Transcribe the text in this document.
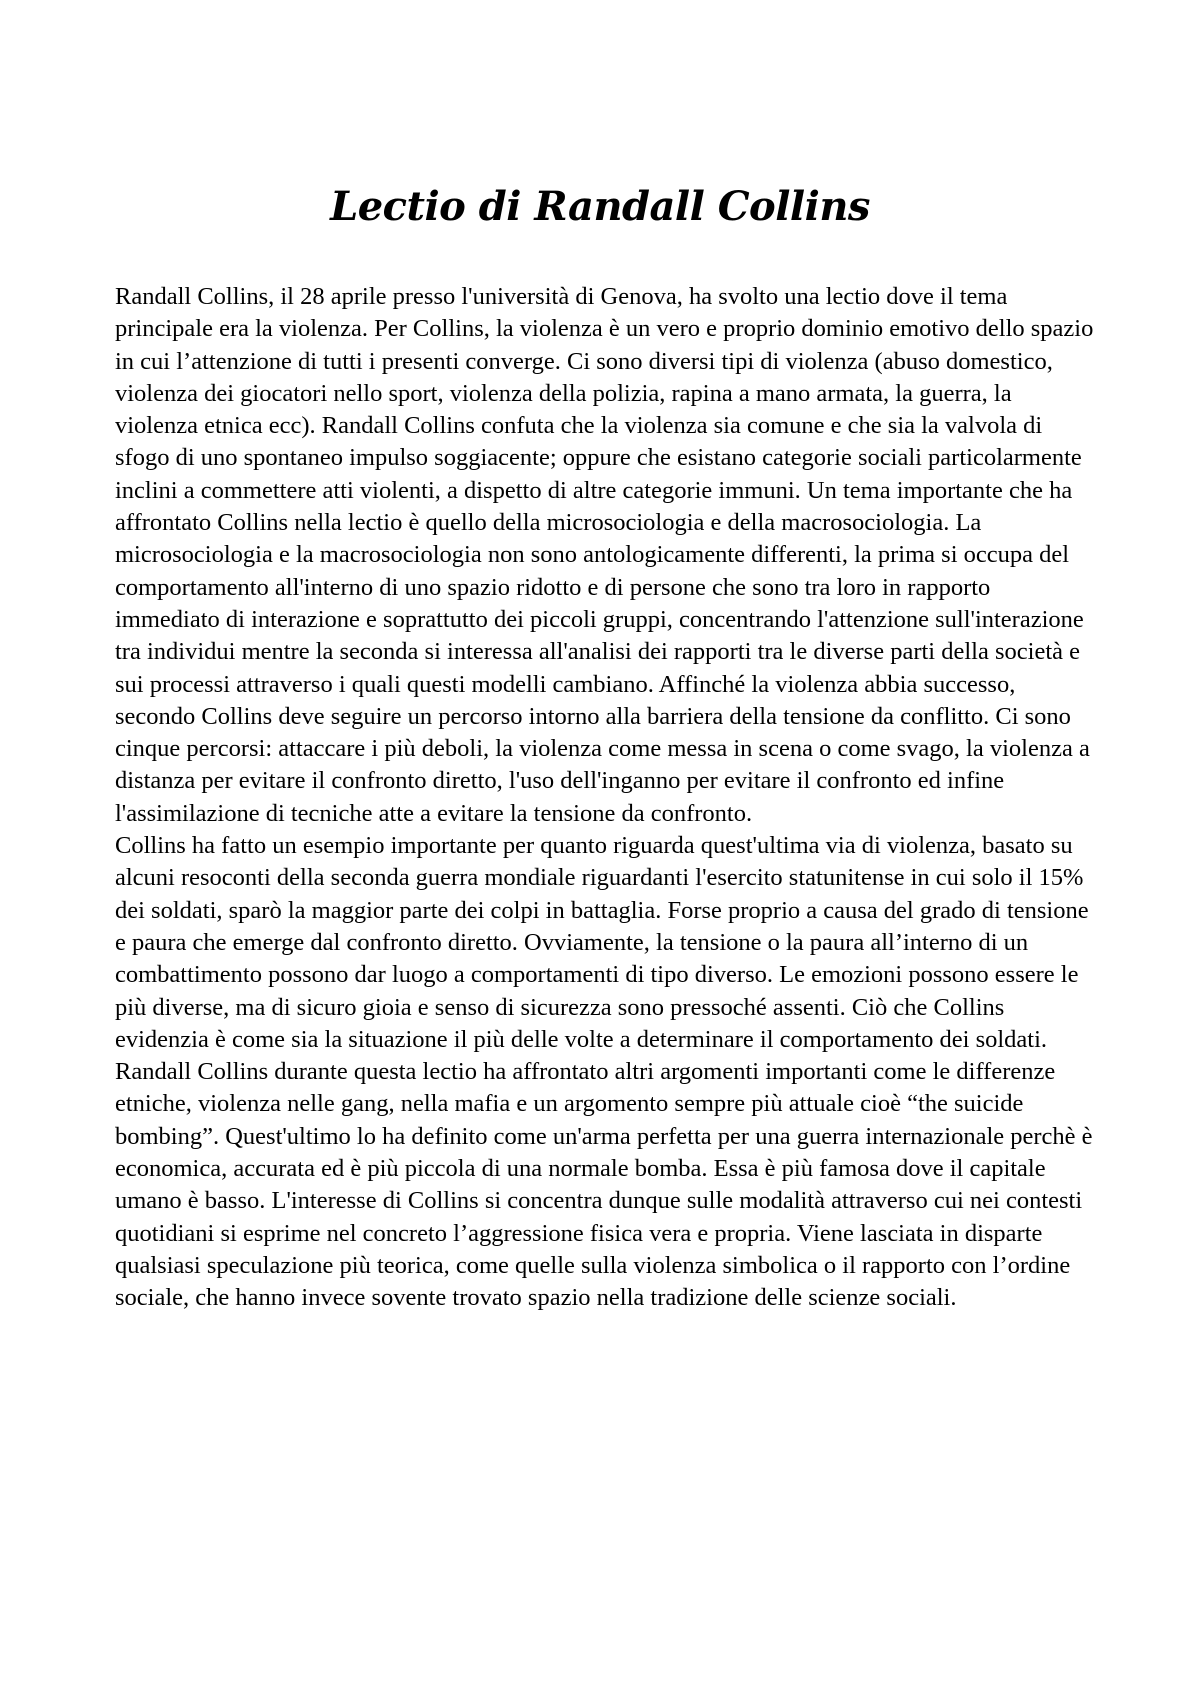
Lectio di Randall Collins

Randall Collins, il 28 aprile presso l'università di Genova, ha svolto una lectio dove il tema principale era la violenza. Per Collins, la violenza è un vero e proprio dominio emotivo dello spazio in cui l’attenzione di tutti i presenti converge. Ci sono diversi tipi di violenza (abuso domestico, violenza dei giocatori nello sport, violenza della polizia, rapina a mano armata, la guerra, la violenza etnica ecc). Randall Collins confuta che la violenza sia comune e che sia la valvola di sfogo di uno spontaneo impulso soggiacente; oppure che esistano categorie sociali particolarmente inclini a commettere atti violenti, a dispetto di altre categorie immuni. Un tema importante che ha affrontato Collins nella lectio è quello della microsociologia e della macrosociologia. La microsociologia e la macrosociologia non sono antologicamente differenti, la prima si occupa del comportamento all'interno di uno spazio ridotto e di persone che sono tra loro in rapporto immediato di interazione e soprattutto dei piccoli gruppi, concentrando l'attenzione sull'interazione tra individui mentre la seconda si interessa all'analisi dei rapporti tra le diverse parti della società e sui processi attraverso i quali questi modelli cambiano. Affinché la violenza abbia successo, secondo Collins deve seguire un percorso intorno alla barriera della tensione da conflitto. Ci sono cinque percorsi: attaccare i più deboli, la violenza come messa in scena o come svago, la violenza a distanza per evitare il confronto diretto, l'uso dell'inganno per evitare il confronto ed infine l'assimilazione di tecniche atte a evitare la tensione da confronto.

Collins ha fatto un esempio importante per quanto riguarda quest'ultima via di violenza, basato su alcuni resoconti della seconda guerra mondiale riguardanti l'esercito statunitense in cui solo il 15% dei soldati, sparò la maggior parte dei colpi in battaglia. Forse proprio a causa del grado di tensione e paura che emerge dal confronto diretto. Ovviamente, la tensione o la paura all’interno di un combattimento possono dar luogo a comportamenti di tipo diverso. Le emozioni possono essere le più diverse, ma di sicuro gioia e senso di sicurezza sono pressoché assenti. Ciò che Collins evidenzia è come sia la situazione il più delle volte a determinare il comportamento dei soldati. Randall Collins durante questa lectio ha affrontato altri argomenti importanti come le differenze etniche, violenza nelle gang, nella mafia e un argomento sempre più attuale cioè “the suicide bombing”. Quest'ultimo lo ha definito come un'arma perfetta per una guerra internazionale perchè è economica, accurata ed è più piccola di una normale bomba. Essa è più famosa dove il capitale umano è basso. L'interesse di Collins si concentra dunque sulle modalità attraverso cui nei contesti quotidiani si esprime nel concreto l’aggressione fisica vera e propria. Viene lasciata in disparte qualsiasi speculazione più teorica, come quelle sulla violenza simbolica o il rapporto con l’ordine sociale, che hanno invece sovente trovato spazio nella tradizione delle scienze sociali.
